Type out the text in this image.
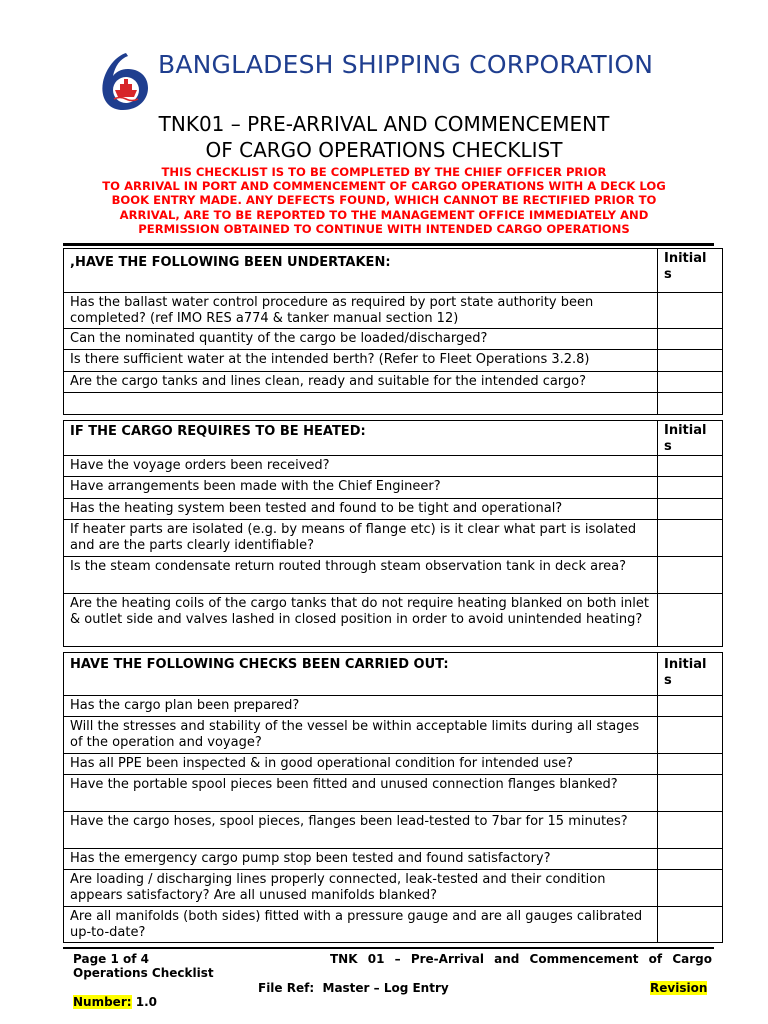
BANGLADESH SHIPPING CORPORATION
TNK01 – PRE-ARRIVAL AND COMMENCEMENT
OF CARGO OPERATIONS CHECKLIST
THIS CHECKLIST IS TO BE COMPLETED BY THE CHIEF OFFICER PRIOR
TO ARRIVAL IN PORT AND COMMENCEMENT OF CARGO OPERATIONS WITH A DECK LOG
BOOK ENTRY MADE. ANY DEFECTS FOUND, WHICH CANNOT BE RECTIFIED PRIOR TO
ARRIVAL, ARE TO BE REPORTED TO THE MANAGEMENT OFFICE IMMEDIATELY AND
PERMISSION OBTAINED TO CONTINUE WITH INTENDED CARGO OPERATIONS
,HAVE THE FOLLOWING BEEN UNDERTAKEN:	Initial s
Has the ballast water control procedure as required by port state authority been completed? (ref IMO RES a774 & tanker manual section 12)	
Can the nominated quantity of the cargo be loaded/discharged?	
Is there sufficient water at the intended berth? (Refer to Fleet Operations 3.2.8)	
Are the cargo tanks and lines clean, ready and suitable for the intended cargo?	

IF THE CARGO REQUIRES TO BE HEATED:	Initial s
Have the voyage orders been received?	
Have arrangements been made with the Chief Engineer?	
Has the heating system been tested and found to be tight and operational?	
If heater parts are isolated (e.g. by means of flange etc) is it clear what part is isolated and are the parts clearly identifiable?	
Is the steam condensate return routed through steam observation tank in deck area?	
Are the heating coils of the cargo tanks that do not require heating blanked on both inlet & outlet side and valves lashed in closed position in order to avoid unintended heating?	
HAVE THE FOLLOWING CHECKS BEEN CARRIED OUT:	Initial s
Has the cargo plan been prepared?	
Will the stresses and stability of the vessel be within acceptable limits during all stages of the operation and voyage?	
Has all PPE been inspected & in good operational condition for intended use?	
Have the portable spool pieces been fitted and unused connection flanges blanked?	
Have the cargo hoses, spool pieces, flanges been lead-tested to 7bar for 15 minutes?	
Has the emergency cargo pump stop been tested and found satisfactory?	
Are loading / discharging lines properly connected, leak-tested and their condition appears satisfactory? Are all unused manifolds blanked?	
Are all manifolds (both sides) fitted with a pressure gauge and are all gauges calibrated up-to-date?	
Page 1 of 4	TNK 01 – Pre-Arrival and Commencement of Cargo
Operations Checklist
File Ref: Master – Log Entry	Revision
Number: 1.0
